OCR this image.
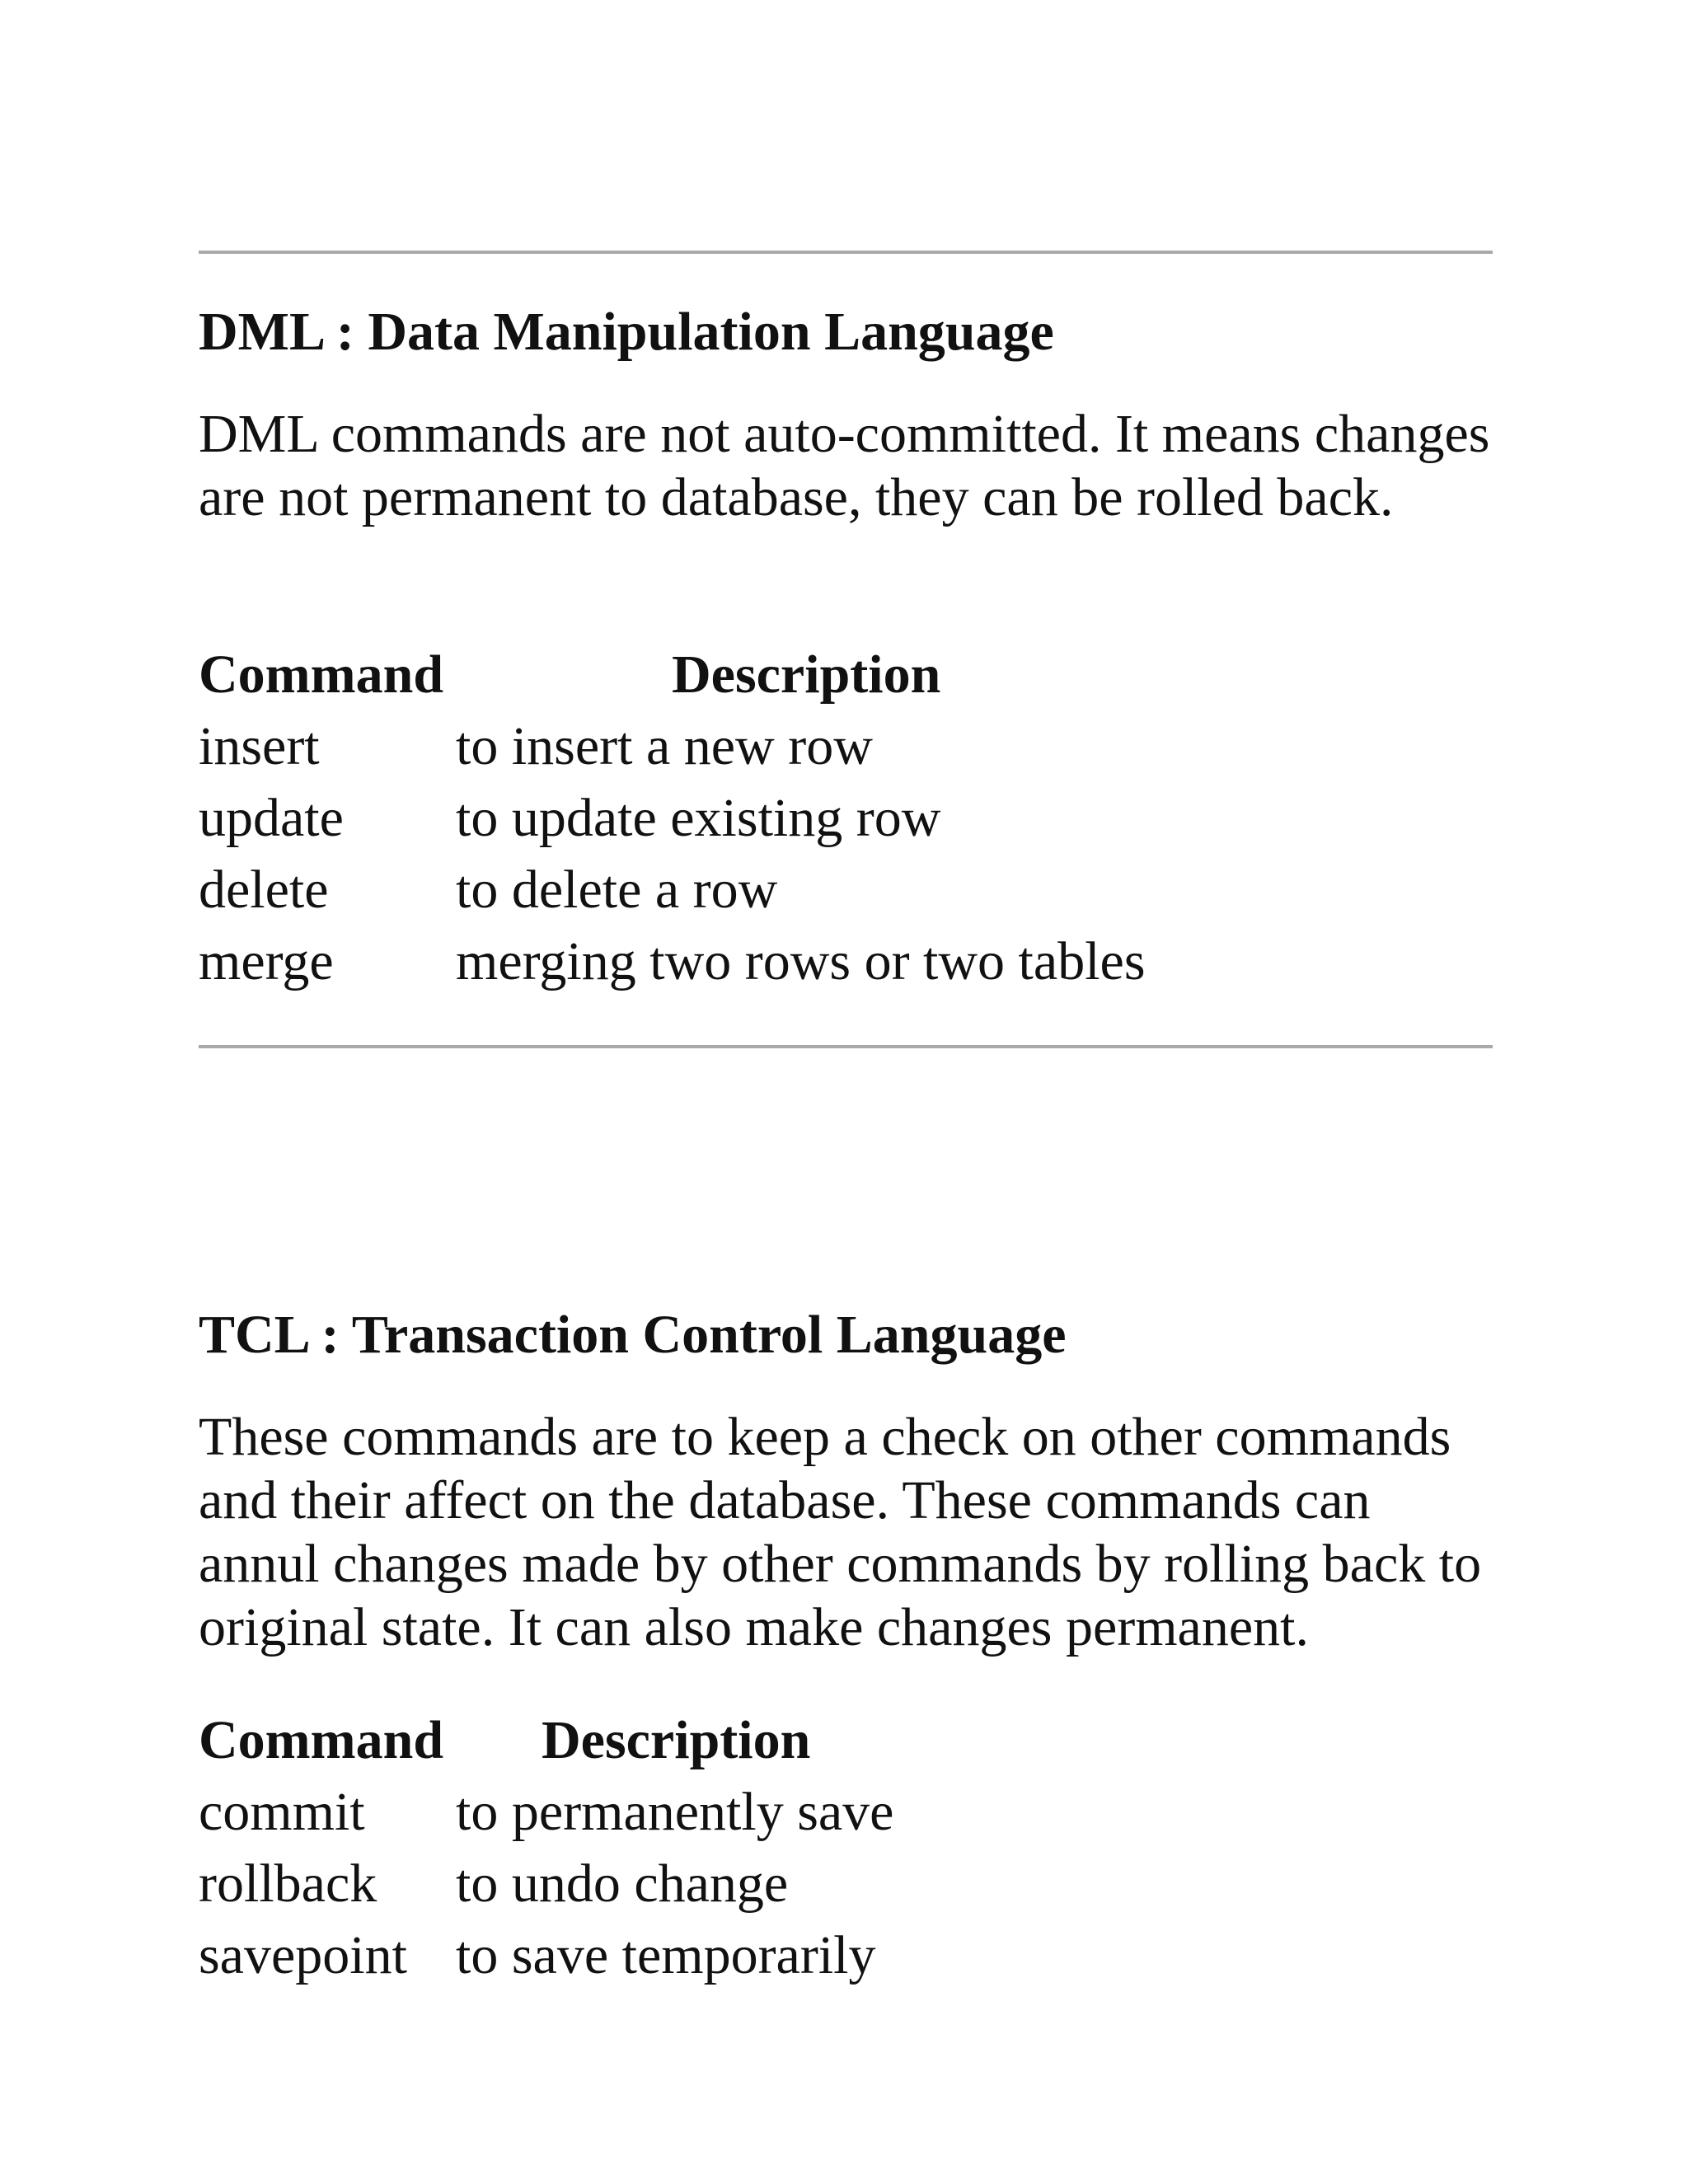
DML : Data Manipulation Language

DML commands are not auto-committed. It means changes are not permanent to database, they can be rolled back.

Command	Description
insert	to insert a new row
update to update existing row
delete to delete a row
merge merging two rows or two tables
TCL : Transaction Control Language

These commands are to keep a check on other commands and their affect on the database. These commands can annul changes made by other commands by rolling back to original state. It can also make changes permanent.

Command Description
commit to permanently save
rollback to undo change
savepoint to save temporarily
